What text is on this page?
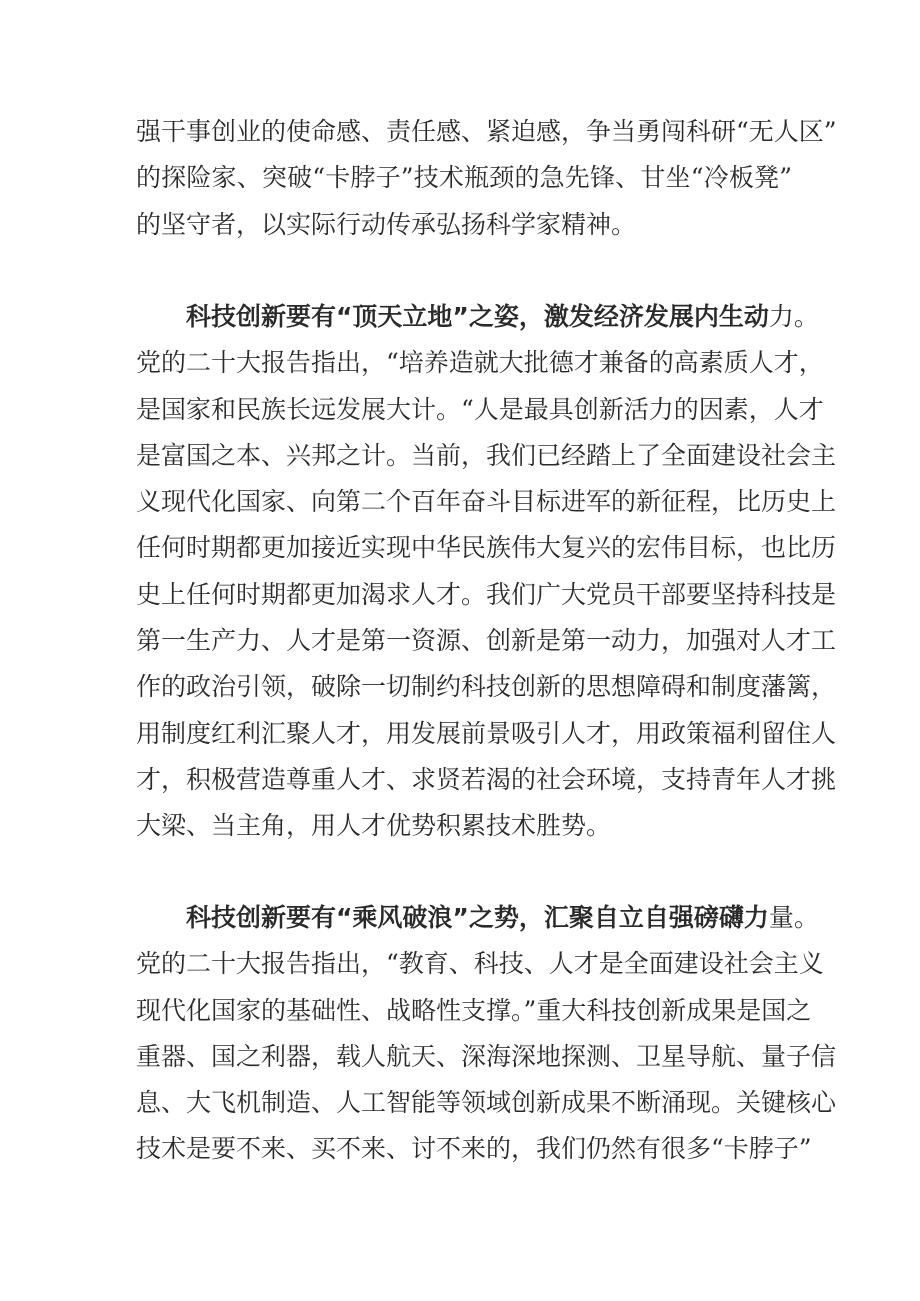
强干事创业的使命感、责任感、紧迫感，争当勇闯科研“无人区”
的探险家、突破“卡脖子”技术瓶颈的急先锋、甘坐“冷板凳”
的坚守者，以实际行动传承弘扬科学家精神。
科技创新要有“顶天立地”之姿，激发经济发展内生动力。
党的二十大报告指出，“培养造就大批德才兼备的高素质人才，
是国家和民族长远发展大计。“人是最具创新活力的因素，人才
是富国之本、兴邦之计。当前，我们已经踏上了全面建设社会主
义现代化国家、向第二个百年奋斗目标进军的新征程，比历史上
任何时期都更加接近实现中华民族伟大复兴的宏伟目标，也比历
史上任何时期都更加渴求人才。我们广大党员干部要坚持科技是
第一生产力、人才是第一资源、创新是第一动力，加强对人才工
作的政治引领，破除一切制约科技创新的思想障碍和制度藩篱，
用制度红利汇聚人才，用发展前景吸引人才，用政策福利留住人
才，积极营造尊重人才、求贤若渴的社会环境，支持青年人才挑
大梁、当主角，用人才优势积累技术胜势。
科技创新要有“乘风破浪”之势，汇聚自立自强磅礴力量。
党的二十大报告指出，“教育、科技、人才是全面建设社会主义
现代化国家的基础性、战略性支撑。”重大科技创新成果是国之
重器、国之利器，载人航天、深海深地探测、卫星导航、量子信
息、大飞机制造、人工智能等领域创新成果不断涌现。关键核心
技术是要不来、买不来、讨不来的，我们仍然有很多“卡脖子”
